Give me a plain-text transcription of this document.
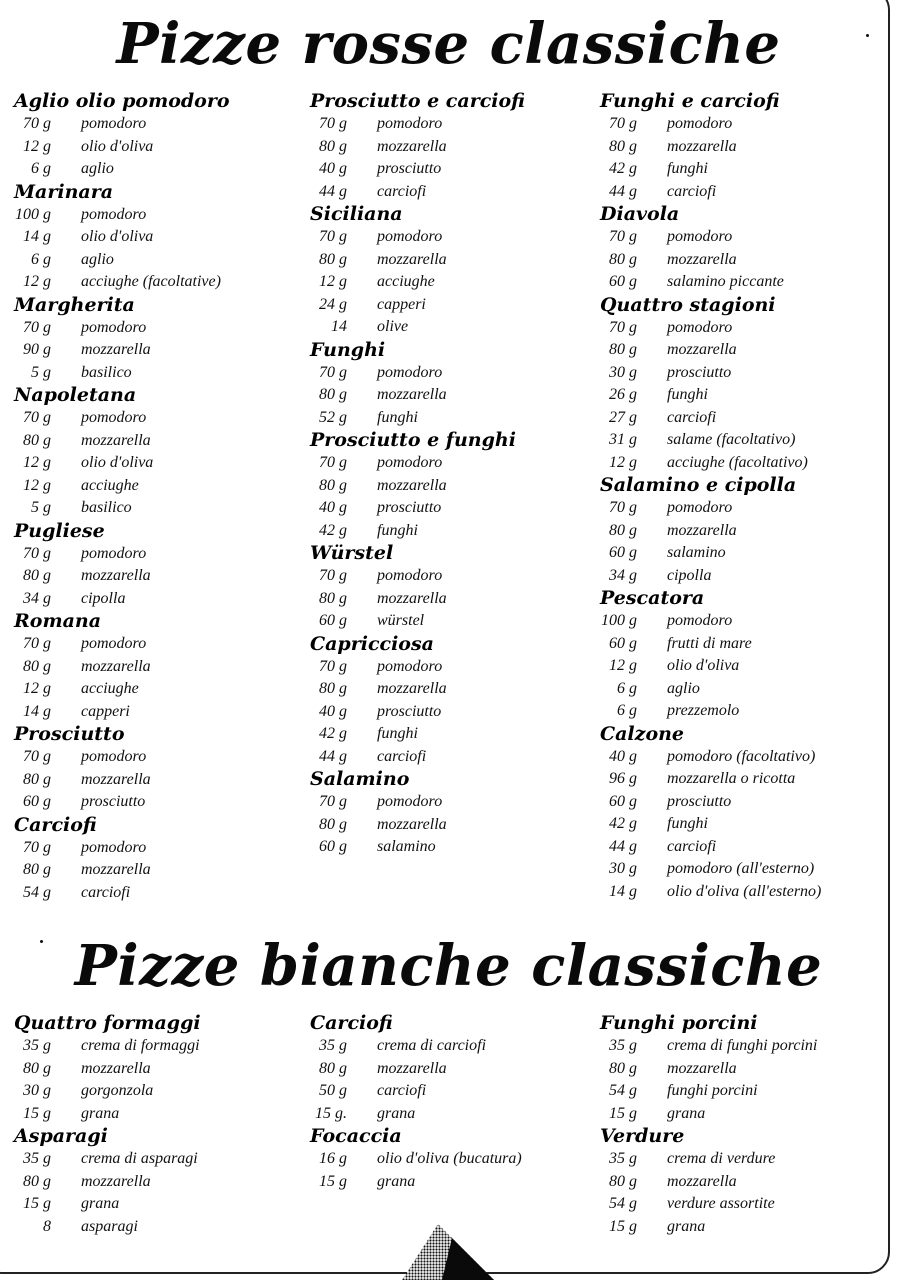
Pizze rosse classiche
Aglio olio pomodoro
70 g	pomodoro
12 g	olio d'oliva
6 g	aglio
Marinara
100 g	pomodoro
14 g	olio d'oliva
6 g	aglio
12 g	acciughe (facoltative)
Margherita
70 g	pomodoro
90 g	mozzarella
5 g	basilico
Napoletana
70 g	pomodoro
80 g	mozzarella
12 g	olio d'oliva
12 g	acciughe
5 g	basilico
Pugliese
70 g	pomodoro
80 g	mozzarella
34 g	cipolla
Romana
70 g	pomodoro
80 g	mozzarella
12 g	acciughe
14 g	capperi
Prosciutto
70 g	pomodoro
80 g	mozzarella
60 g	prosciutto
Carciofi
70 g	pomodoro
80 g	mozzarella
54 g	carciofi
Prosciutto e carciofi
70 g	pomodoro
80 g	mozzarella
40 g	prosciutto
44 g	carciofi
Siciliana
70 g	pomodoro
80 g	mozzarella
12 g	acciughe
24 g	capperi
14	olive
Funghi
70 g	pomodoro
80 g	mozzarella
52 g	funghi
Prosciutto e funghi
70 g	pomodoro
80 g	mozzarella
40 g	prosciutto
42 g	funghi
Würstel
70 g	pomodoro
80 g	mozzarella
60 g	würstel
Capricciosa
70 g	pomodoro
80 g	mozzarella
40 g	prosciutto
42 g	funghi
44 g	carciofi
Salamino
70 g	pomodoro
80 g	mozzarella
60 g	salamino
Funghi e carciofi
70 g	pomodoro
80 g	mozzarella
42 g	funghi
44 g	carciofi
Diavola
70 g	pomodoro
80 g	mozzarella
60 g	salamino piccante
Quattro stagioni
70 g	pomodoro
80 g	mozzarella
30 g	prosciutto
26 g	funghi
27 g	carciofi
31 g	salame (facoltativo)
12 g	acciughe (facoltativo)
Salamino e cipolla
70 g	pomodoro
80 g	mozzarella
60 g	salamino
34 g	cipolla
Pescatora
100 g	pomodoro
60 g	frutti di mare
12 g	olio d'oliva
6 g	aglio
6 g	prezzemolo
Calzone
40 g	pomodoro (facoltativo)
96 g	mozzarella o ricotta
60 g	prosciutto
42 g	funghi
44 g	carciofi
30 g	pomodoro (all'esterno)
14 g	olio d'oliva (all'esterno)
Pizze bianche classiche
Quattro formaggi
35 g	crema di formaggi
80 g	mozzarella
30 g	gorgonzola
15 g	grana
Asparagi
35 g	crema di asparagi
80 g	mozzarella
15 g	grana
8	asparagi
Carciofi
35 g	crema di carciofi
80 g	mozzarella
50 g	carciofi
15 g.	grana
Focaccia
16 g	olio d'oliva (bucatura)
15 g	grana
Funghi porcini
35 g	crema di funghi porcini
80 g	mozzarella
54 g	funghi porcini
15 g	grana
Verdure
35 g	crema di verdure
80 g	mozzarella
54 g	verdure assortite
15 g	grana
